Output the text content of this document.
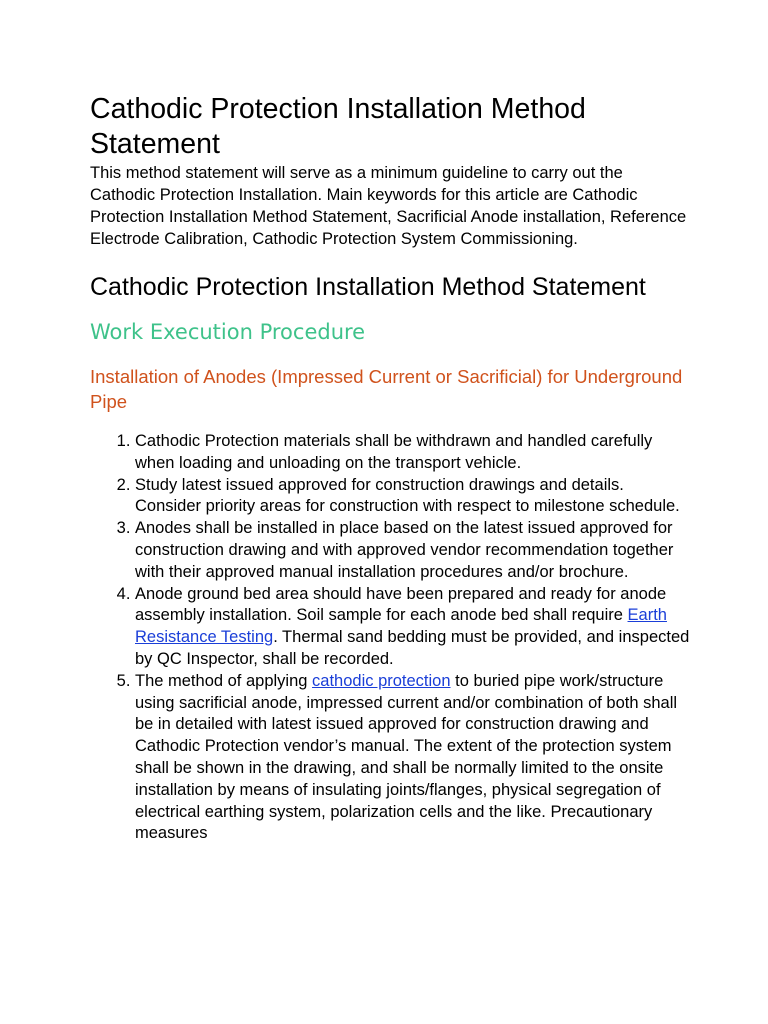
Cathodic Protection Installation Method Statement

This method statement will serve as a minimum guideline to carry out the Cathodic Protection Installation. Main keywords for this article are Cathodic Protection Installation Method Statement, Sacrificial Anode installation, Reference Electrode Calibration, Cathodic Protection System Commissioning.

Cathodic Protection Installation Method Statement
Work Execution Procedure
Installation of Anodes (Impressed Current or Sacrificial) for Underground Pipe
1. Cathodic Protection materials shall be withdrawn and handled carefully when loading and unloading on the transport vehicle.
2. Study latest issued approved for construction drawings and details. Consider priority areas for construction with respect to milestone schedule.
3. Anodes shall be installed in place based on the latest issued approved for construction drawing and with approved vendor recommendation together with their approved manual installation procedures and/or brochure.
4. Anode ground bed area should have been prepared and ready for anode assembly installation. Soil sample for each anode bed shall require Earth Resistance Testing. Thermal sand bedding must be provided, and inspected by QC Inspector, shall be recorded.
5. The method of applying cathodic protection to buried pipe work/structure using sacrificial anode, impressed current and/or combination of both shall be in detailed with latest issued approved for construction drawing and Cathodic Protection vendor’s manual. The extent of the protection system shall be shown in the drawing, and shall be normally limited to the onsite installation by means of insulating joints/flanges, physical segregation of electrical earthing system, polarization cells and the like. Precautionary measures
